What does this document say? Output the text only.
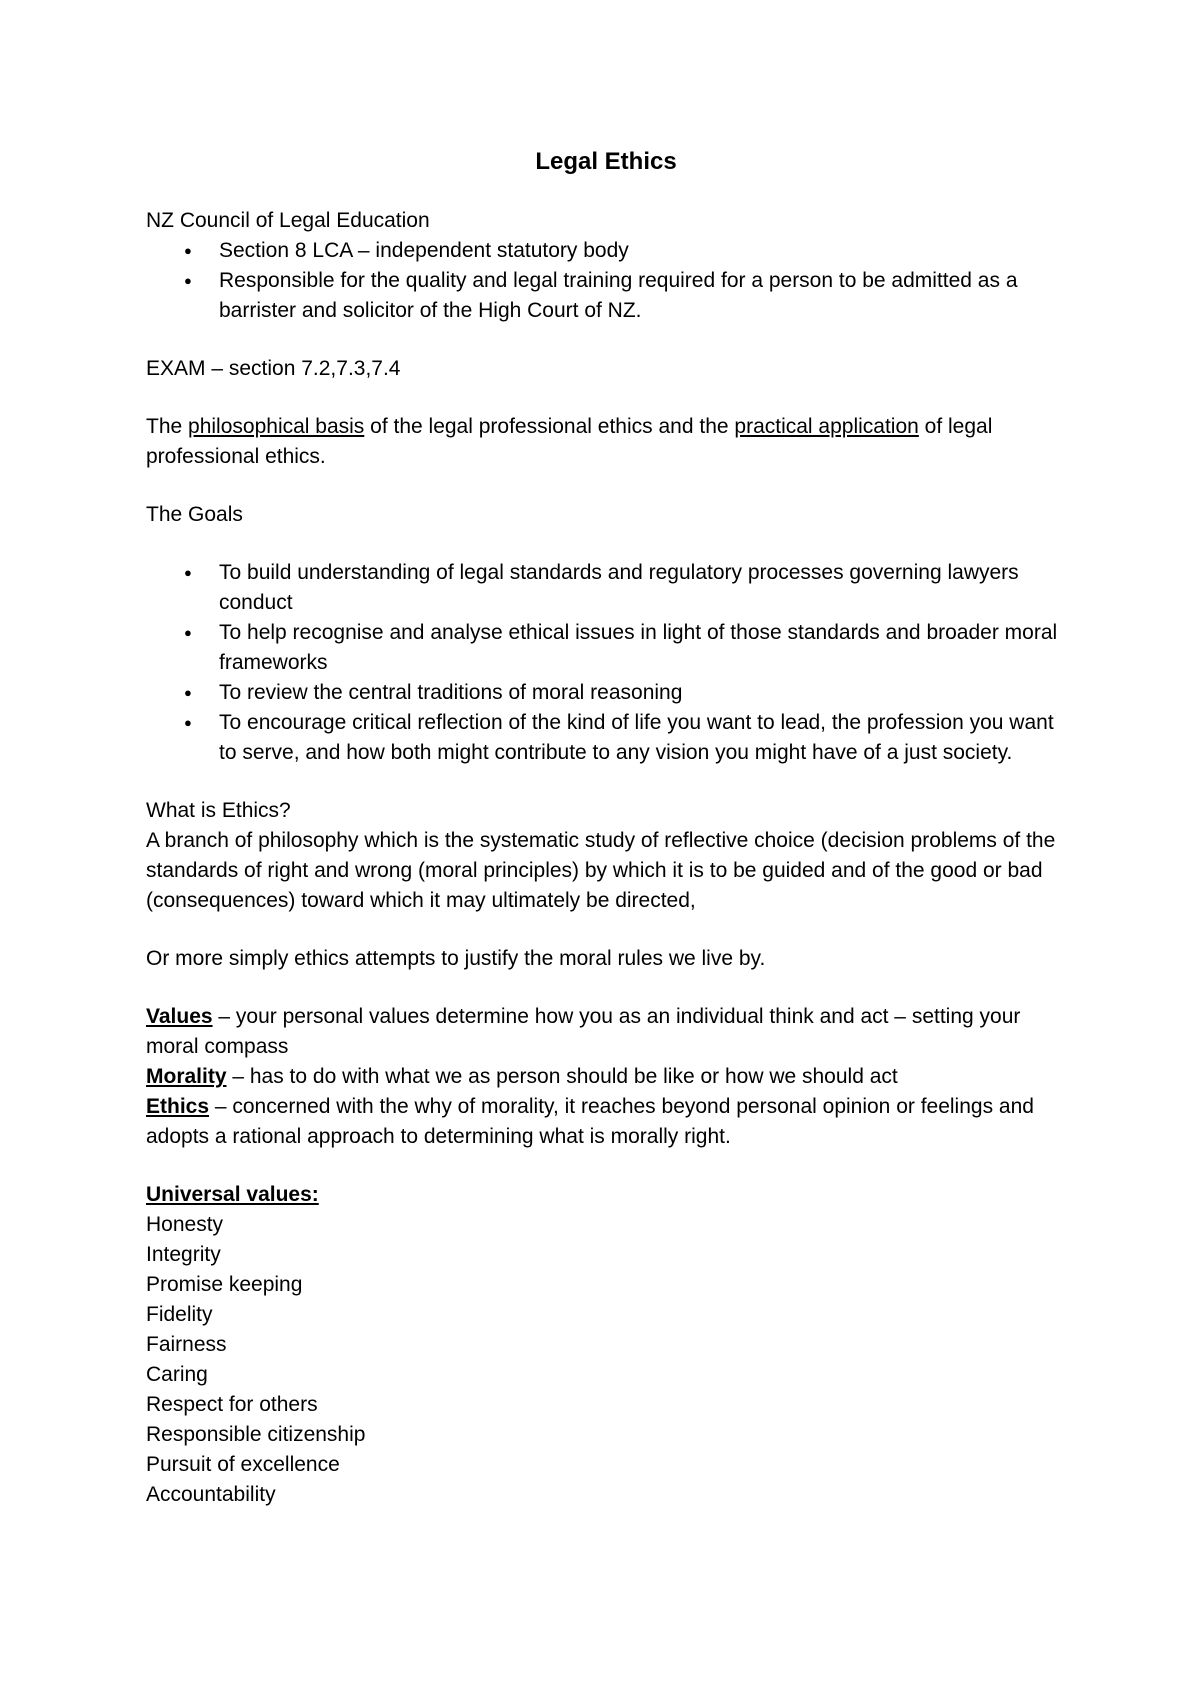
Legal Ethics

NZ Council of Legal Education

● Section 8 LCA – independent statutory body
● Responsible for the quality and legal training required for a person to be admitted as a barrister and solicitor of the High Court of NZ.

EXAM – section 7.2,7.3,7.4

The philosophical basis of the legal professional ethics and the practical application of legal professional ethics.

The Goals

● To build understanding of legal standards and regulatory processes governing lawyers conduct
● To help recognise and analyse ethical issues in light of those standards and broader moral frameworks
● To review the central traditions of moral reasoning
● To encourage critical reflection of the kind of life you want to lead, the profession you want to serve, and how both might contribute to any vision you might have of a just society.

What is Ethics?

A branch of philosophy which is the systematic study of reflective choice (decision problems of the standards of right and wrong (moral principles) by which it is to be guided and of the good or bad (consequences) toward which it may ultimately be directed,

Or more simply ethics attempts to justify the moral rules we live by.

Values – your personal values determine how you as an individual think and act – setting your moral compass

Morality – has to do with what we as person should be like or how we should act

Ethics – concerned with the why of morality, it reaches beyond personal opinion or feelings and adopts a rational approach to determining what is morally right.

Universal values:

Honesty

Integrity

Promise keeping

Fidelity

Fairness

Caring

Respect for others

Responsible citizenship

Pursuit of excellence

Accountability
